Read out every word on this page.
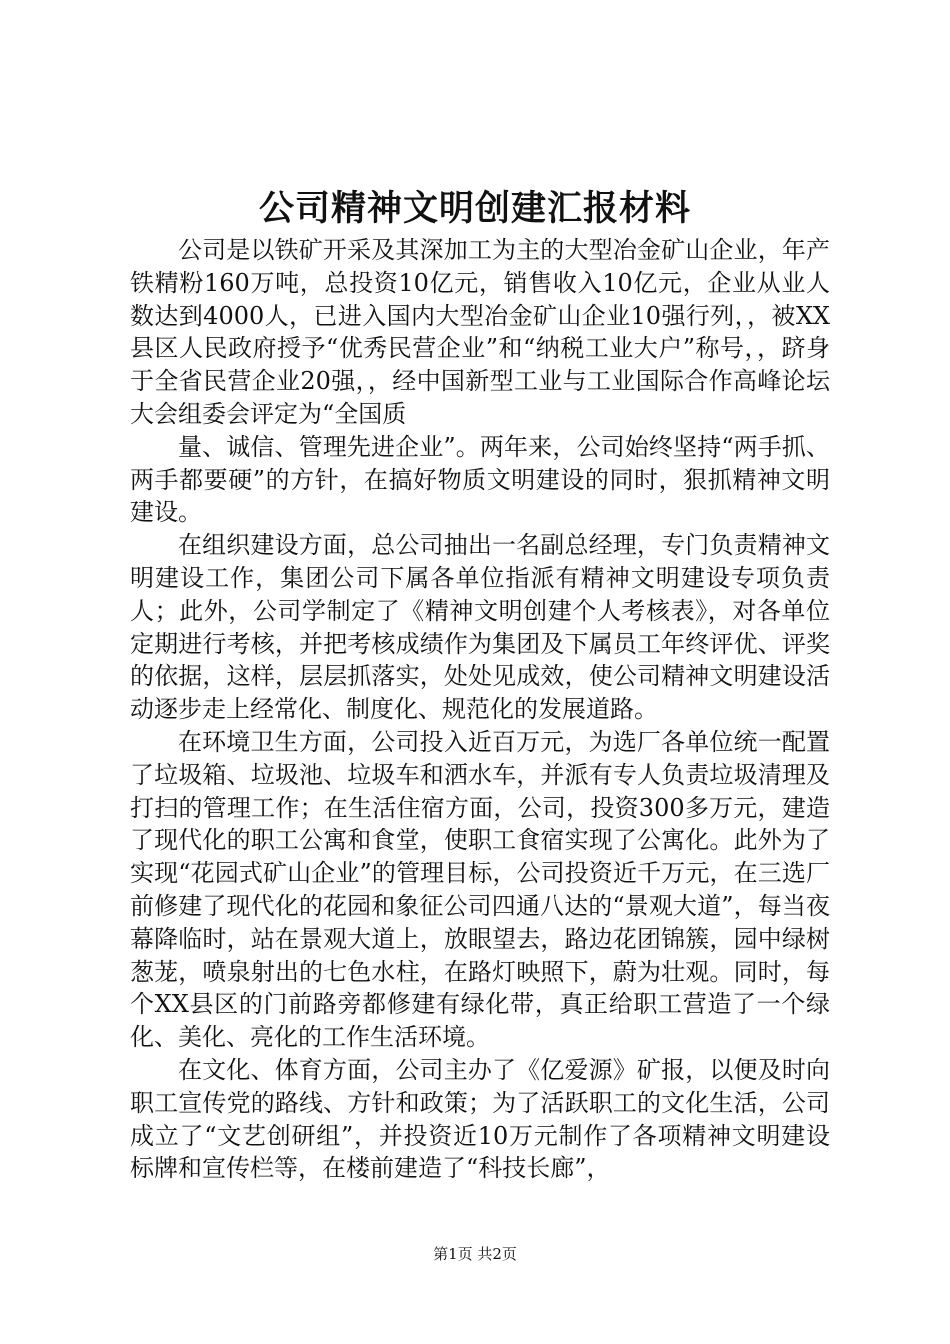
公司精神文明创建汇报材料

公司是以铁矿开采及其深加工为主的大型冶金矿山企业，年产铁精粉160万吨，总投资10亿元，销售收入10亿元，企业从业人数达到4000人，已进入国内大型冶金矿山企业10强行列，，被XX县区人民政府授予“优秀民营企业”和“纳税工业大户”称号，，跻身于全省民营企业20强，，经中国新型工业与工业国际合作高峰论坛大会组委会评定为“全国质

量、诚信、管理先进企业”。两年来，公司始终坚持“两手抓、两手都要硬”的方针，在搞好物质文明建设的同时，狠抓精神文明建设。

在组织建设方面，总公司抽出一名副总经理，专门负责精神文明建设工作，集团公司下属各单位指派有精神文明建设专项负责人；此外，公司学制定了《精神文明创建个人考核表》，对各单位定期进行考核，并把考核成绩作为集团及下属员工年终评优、评奖的依据，这样，层层抓落实，处处见成效，使公司精神文明建设活动逐步走上经常化、制度化、规范化的发展道路。

在环境卫生方面，公司投入近百万元，为选厂各单位统一配置了垃圾箱、垃圾池、垃圾车和洒水车，并派有专人负责垃圾清理及打扫的管理工作；在生活住宿方面，公司，投资300多万元，建造了现代化的职工公寓和食堂，使职工食宿实现了公寓化。此外为了实现“花园式矿山企业”的管理目标，公司投资近千万元，在三选厂前修建了现代化的花园和象征公司四通八达的“景观大道”，每当夜幕降临时，站在景观大道上，放眼望去，路边花团锦簇，园中绿树葱茏，喷泉射出的七色水柱，在路灯映照下，蔚为壮观。同时，每个XX县区的门前路旁都修建有绿化带，真正给职工营造了一个绿化、美化、亮化的工作生活环境。

在文化、体育方面，公司主办了《亿爱源》矿报，以便及时向职工宣传党的路线、方针和政策；为了活跃职工的文化生活，公司成立了“文艺创研组”，并投资近10万元制作了各项精神文明建设标牌和宣传栏等，在楼前建造了“科技长廊”，

第1页 共2页
